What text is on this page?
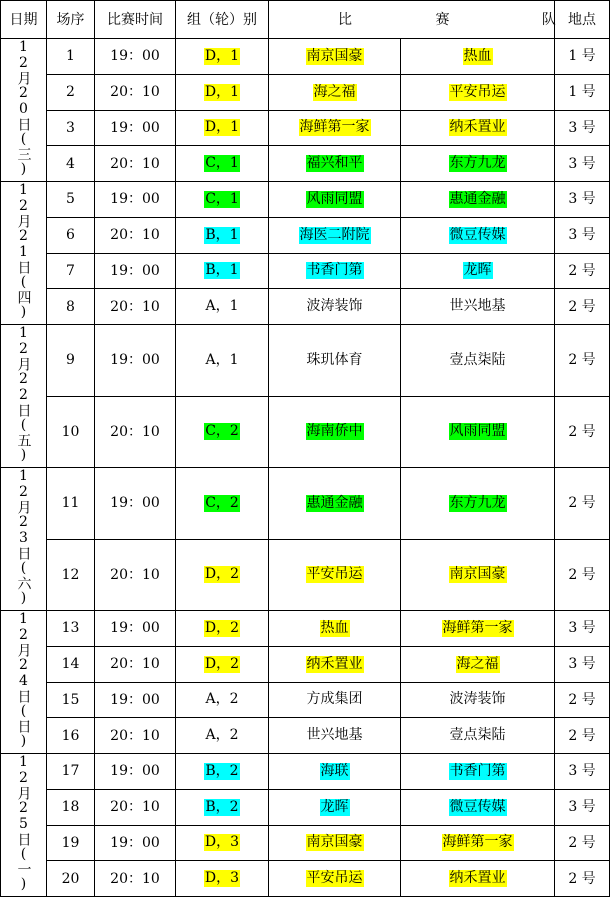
日期	场序	比赛时间	组（轮）别	比 赛 队		地点
12月20日(三)	1	19：00	D，1	南京国豪	热血	1 号
	2	20：10	D，1	海之福	平安吊运	1 号
	3	19：00	D，1	海鲜第一家	纳禾置业	3 号
	4	20：10	C，1	福兴和平	东方九龙	3 号
12月21日(四)	5	19：00	C，1	风雨同盟	惠通金融	3 号
	6	20：10	B，1	海医二附院	微豆传媒	3 号
	7	19：00	B，1	书香门第	龙晖	2 号
	8	20：10	A，1	波涛装饰	世兴地基	2 号
12月22日(五)	9	19：00	A，1	珠玑体育	壹点柒陆	2 号
	10	20：10	C，2	海南侨中	风雨同盟	2 号
12月23日(六)	11	19：00	C，2	惠通金融	东方九龙	2 号
	12	20：10	D，2	平安吊运	南京国豪	2 号
12月24日(日)	13	19：00	D，2	热血	海鲜第一家	3 号
	14	20：10	D，2	纳禾置业	海之福	3 号
	15	19：00	A，2	方成集团	波涛装饰	2 号
	16	20：10	A，2	世兴地基	壹点柒陆	2 号
12月25日(一)	17	19：00	B，2	海联	书香门第	3 号
	18	20：10	B，2	龙晖	微豆传媒	3 号
	19	19：00	D，3	南京国豪	海鲜第一家	2 号
	20	20：10	D，3	平安吊运	纳禾置业	2 号
